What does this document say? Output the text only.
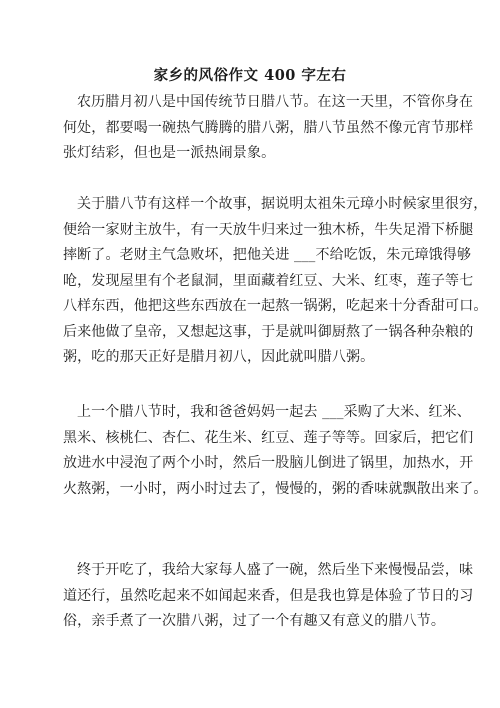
家乡的风俗作文 400 字左右
农历腊月初八是中国传统节日腊八节。在这一天里，不管你身在
何处，都要喝一碗热气腾腾的腊八粥，腊八节虽然不像元宵节那样
张灯结彩，但也是一派热闹景象。
关于腊八节有这样一个故事，据说明太祖朱元璋小时候家里很穷，
便给一家财主放牛，有一天放牛归来过一独木桥，牛失足滑下桥腿
摔断了。老财主气急败坏，把他关进 ___不给吃饭，朱元璋饿得够
呛，发现屋里有个老鼠洞，里面藏着红豆、大米、红枣，莲子等七
八样东西，他把这些东西放在一起熬一锅粥，吃起来十分香甜可口。
后来他做了皇帝，又想起这事，于是就叫御厨熬了一锅各种杂粮的
粥，吃的那天正好是腊月初八，因此就叫腊八粥。
上一个腊八节时，我和爸爸妈妈一起去 ___采购了大米、红米、
黑米、核桃仁、杏仁、花生米、红豆、莲子等等。回家后，把它们
放进水中浸泡了两个小时，然后一股脑儿倒进了锅里，加热水，开
火熬粥，一小时，两小时过去了，慢慢的，粥的香味就飘散出来了。
终于开吃了，我给大家每人盛了一碗，然后坐下来慢慢品尝，味
道还行，虽然吃起来不如闻起来香，但是我也算是体验了节日的习
俗，亲手煮了一次腊八粥，过了一个有趣又有意义的腊八节。
